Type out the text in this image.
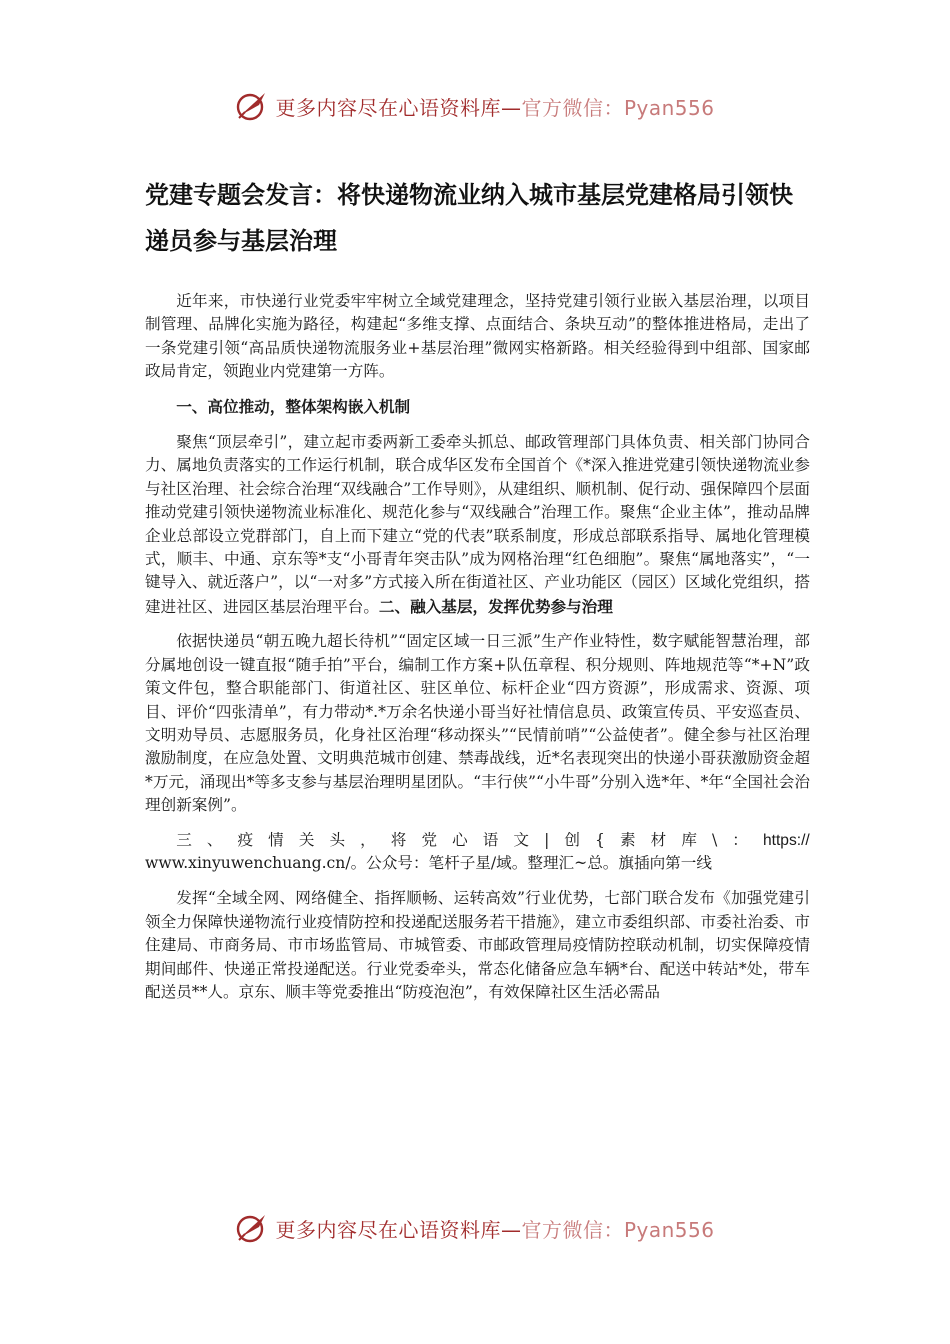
更多内容尽在心语资料库—官方微信：Pyan556
党建专题会发言：将快递物流业纳入城市基层党建格局引领快递员参与基层治理

近年来，市快递行业党委牢牢树立全域党建理念，坚持党建引领行业嵌入基层治理，以项目制管理、品牌化实施为路径，构建起“多维支撑、点面结合、条块互动”的整体推进格局，走出了一条党建引领“高品质快递物流服务业+基层治理”微网实格新路。相关经验得到中组部、国家邮政局肯定，领跑业内党建第一方阵。

一、高位推动，整体架构嵌入机制

聚焦“顶层牵引”，建立起市委两新工委牵头抓总、邮政管理部门具体负责、相关部门协同合力、属地负责落实的工作运行机制，联合成华区发布全国首个《*深入推进党建引领快递物流业参与社区治理、社会综合治理“双线融合”工作导则》，从建组织、顺机制、促行动、强保障四个层面推动党建引领快递物流业标准化、规范化参与“双线融合”治理工作。聚焦“企业主体”，推动品牌企业总部设立党群部门，自上而下建立“党的代表”联系制度，形成总部联系指导、属地化管理模式，顺丰、中通、京东等*支“小哥青年突击队”成为网格治理“红色细胞”。聚焦“属地落实”，“一键导入、就近落户”，以“一对多”方式接入所在街道社区、产业功能区（园区）区域化党组织，搭建进社区、进园区基层治理平台。二、融入基层，发挥优势参与治理

依据快递员“朝五晚九超长待机”“固定区域一日三派”生产作业特性，数字赋能智慧治理，部分属地创设一键直报“随手拍”平台，编制工作方案+队伍章程、积分规则、阵地规范等“*+N”政策文件包，整合职能部门、街道社区、驻区单位、标杆企业“四方资源”，形成需求、资源、项目、评价“四张清单”，有力带动*.*万余名快递小哥当好社情信息员、政策宣传员、平安巡查员、文明劝导员、志愿服务员，化身社区治理“移动探头”“民情前哨”“公益使者”。健全参与社区治理激励制度，在应急处置、文明典范城市创建、禁毒战线，近*名表现突出的快递小哥获激励资金超*万元，涌现出*等多支参与基层治理明星团队。“丰行侠”“小牛哥”分别入选*年、*年“全国社会治理创新案例”。

三 、 疫 情 关 头 ， 将 党 心 语 文 | 创 { 素 材 库 \ ： https://

www.xinyuwenchuang.cn/。公众号：笔杆子星/域。整理汇~总。旗插向第一线

发挥“全域全网、网络健全、指挥顺畅、运转高效”行业优势，七部门联合发布《加强党建引领全力保障快递物流行业疫情防控和投递配送服务若干措施》，建立市委组织部、市委社治委、市住建局、市商务局、市市场监管局、市城管委、市邮政管理局疫情防控联动机制，切实保障疫情期间邮件、快递正常投递配送。行业党委牵头，常态化储备应急车辆*台、配送中转站*处，带车配送员**人。京东、顺丰等党委推出“防疫泡泡”，有效保障社区生活必需品

更多内容尽在心语资料库—官方微信：Pyan556
